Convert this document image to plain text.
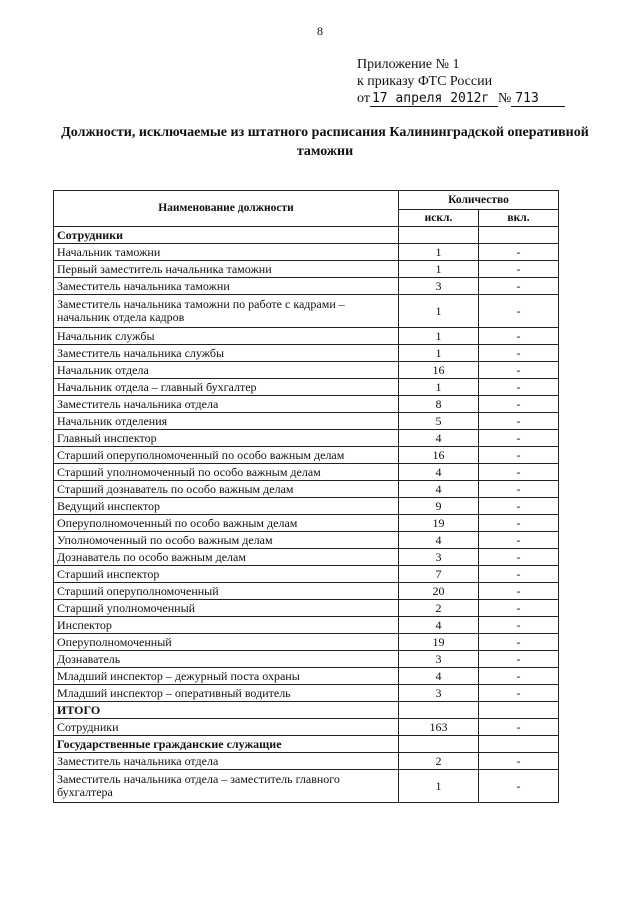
8
Приложение № 1
к приказу ФТС России
от 17 апреля 2012г № 713
Должности, исключаемые из штатного расписания Калининградской оперативной таможни
Наименование должности	Количество	
	искл.	вкл.
Сотрудники		
Начальник таможни	1	-
Первый заместитель начальника таможни	1	-
Заместитель начальника таможни	3	-
Заместитель начальника таможни по работе с кадрами – начальник отдела кадров	1	-
Начальник службы	1	-
Заместитель начальника службы	1	-
Начальник отдела	16	-
Начальник отдела – главный бухгалтер	1	-
Заместитель начальника отдела	8	-
Начальник отделения	5	-
Главный инспектор	4	-
Старший оперуполномоченный по особо важным делам	16	-
Старший уполномоченный по особо важным делам	4	-
Старший дознаватель по особо важным делам	4	-
Ведущий инспектор	9	-
Оперуполномоченный по особо важным делам	19	-
Уполномоченный по особо важным делам	4	-
Дознаватель по особо важным делам	3	-
Старший инспектор	7	-
Старший оперуполномоченный	20	-
Старший уполномоченный	2	-
Инспектор	4	-
Оперуполномоченный	19	-
Дознаватель	3	-
Младший инспектор – дежурный поста охраны	4	-
Младший инспектор – оперативный водитель	3	-
ИТОГО		
Сотрудники	163	-
Государственные гражданские служащие		
Заместитель начальника отдела	2	-
Заместитель начальника отдела – заместитель главного бухгалтера	1	-
